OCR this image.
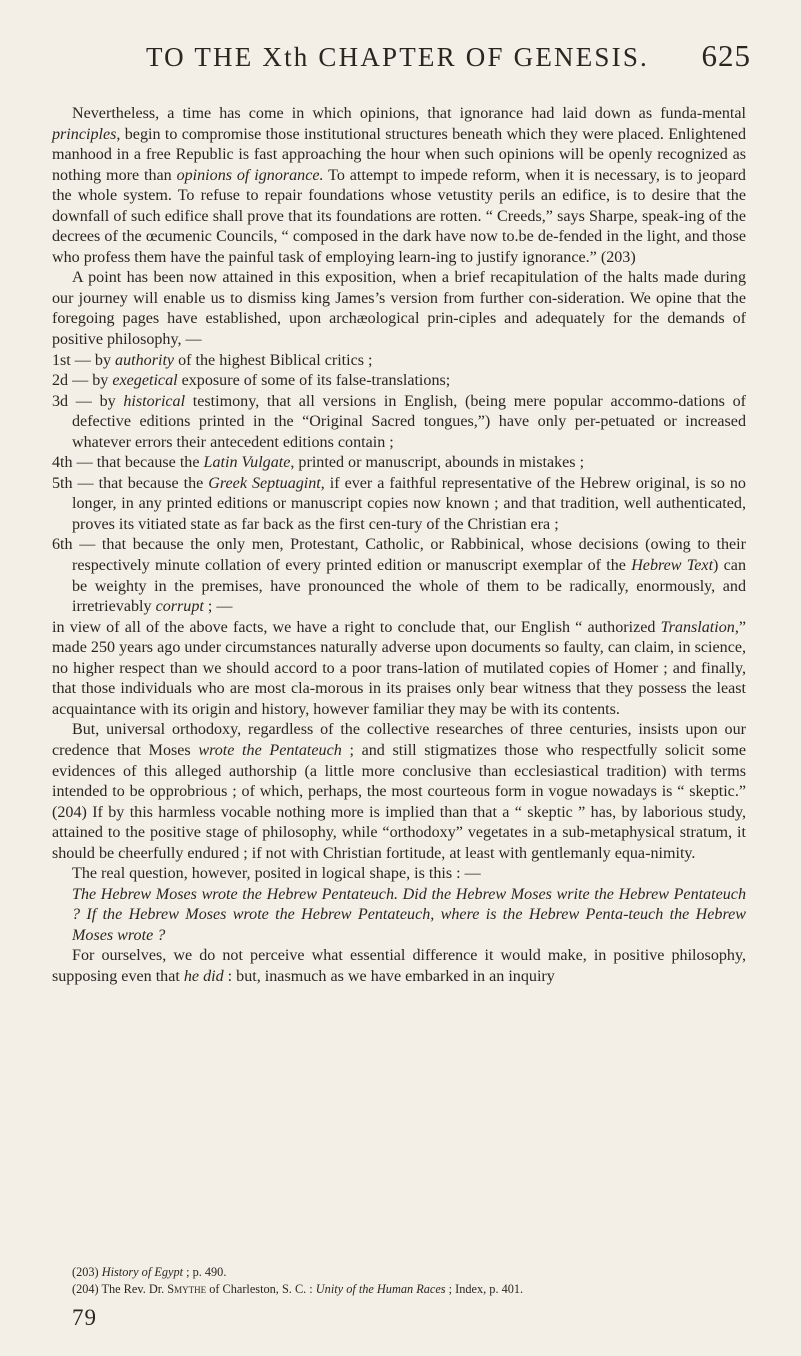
TO THE Xth CHAPTER OF GENESIS.	625

Nevertheless, a time has come in which opinions, that ignorance had laid down as funda-mental principles, begin to compromise those institutional structures beneath which they were placed. Enlightened manhood in a free Republic is fast approaching the hour when such opinions will be openly recognized as nothing more than opinions of ignorance. To attempt to impede reform, when it is necessary, is to jeopard the whole system. To refuse to repair foundations whose vetustity perils an edifice, is to desire that the downfall of such edifice shall prove that its foundations are rotten. “ Creeds,” says Sharpe, speak-ing of the decrees of the œcumenic Councils, “ composed in the dark have now to.be de-fended in the light, and those who profess them have the painful task of employing learn-ing to justify ignorance.” (203)

A point has been now attained in this exposition, when a brief recapitulation of the halts made during our journey will enable us to dismiss king James’s version from further con-sideration. We opine that the foregoing pages have established, upon archæological prin-ciples and adequately for the demands of positive philosophy, —

1st — by authority of the highest Biblical critics ;

2d — by exegetical exposure of some of its false-translations;

3d — by historical testimony, that all versions in English, (being mere popular accommo-dations of defective editions printed in the “Original Sacred tongues,”) have only per-petuated or increased whatever errors their antecedent editions contain ;

4th — that because the Latin Vulgate, printed or manuscript, abounds in mistakes ;

5th — that because the Greek Septuagint, if ever a faithful representative of the Hebrew original, is so no longer, in any printed editions or manuscript copies now known ; and that tradition, well authenticated, proves its vitiated state as far back as the first cen-tury of the Christian era ;

6th — that because the only men, Protestant, Catholic, or Rabbinical, whose decisions (owing to their respectively minute collation of every printed edition or manuscript exemplar of the Hebrew Text) can be weighty in the premises, have pronounced the whole of them to be radically, enormously, and irretrievably corrupt ; —

in view of all of the above facts, we have a right to conclude that, our English “ authorized Translation,” made 250 years ago under circumstances naturally adverse upon documents so faulty, can claim, in science, no higher respect than we should accord to a poor trans-lation of mutilated copies of Homer ; and finally, that those individuals who are most cla-morous in its praises only bear witness that they possess the least acquaintance with its origin and history, however familiar they may be with its contents.

But, universal orthodoxy, regardless of the collective researches of three centuries, insists upon our credence that Moses wrote the Pentateuch ; and still stigmatizes those who respectfully solicit some evidences of this alleged authorship (a little more conclusive than ecclesiastical tradition) with terms intended to be opprobrious ; of which, perhaps, the most courteous form in vogue nowadays is “ skeptic.” (204) If by this harmless vocable nothing more is implied than that a “ skeptic ” has, by laborious study, attained to the positive stage of philosophy, while “orthodoxy” vegetates in a sub-metaphysical stratum, it should be cheerfully endured ; if not with Christian fortitude, at least with gentlemanly equa-nimity.

The real question, however, posited in logical shape, is this : —

The Hebrew Moses wrote the Hebrew Pentateuch. Did the Hebrew Moses write the Hebrew Pentateuch ? If the Hebrew Moses wrote the Hebrew Pentateuch, where is the Hebrew Penta-teuch the Hebrew Moses wrote ?

For ourselves, we do not perceive what essential difference it would make, in positive philosophy, supposing even that he did : but, inasmuch as we have embarked in an inquiry

(203) History of Egypt ; p. 490.

(204) The Rev. Dr. Smythe of Charleston, S. C. : Unity of the Human Races ; Index, p. 401.

79
